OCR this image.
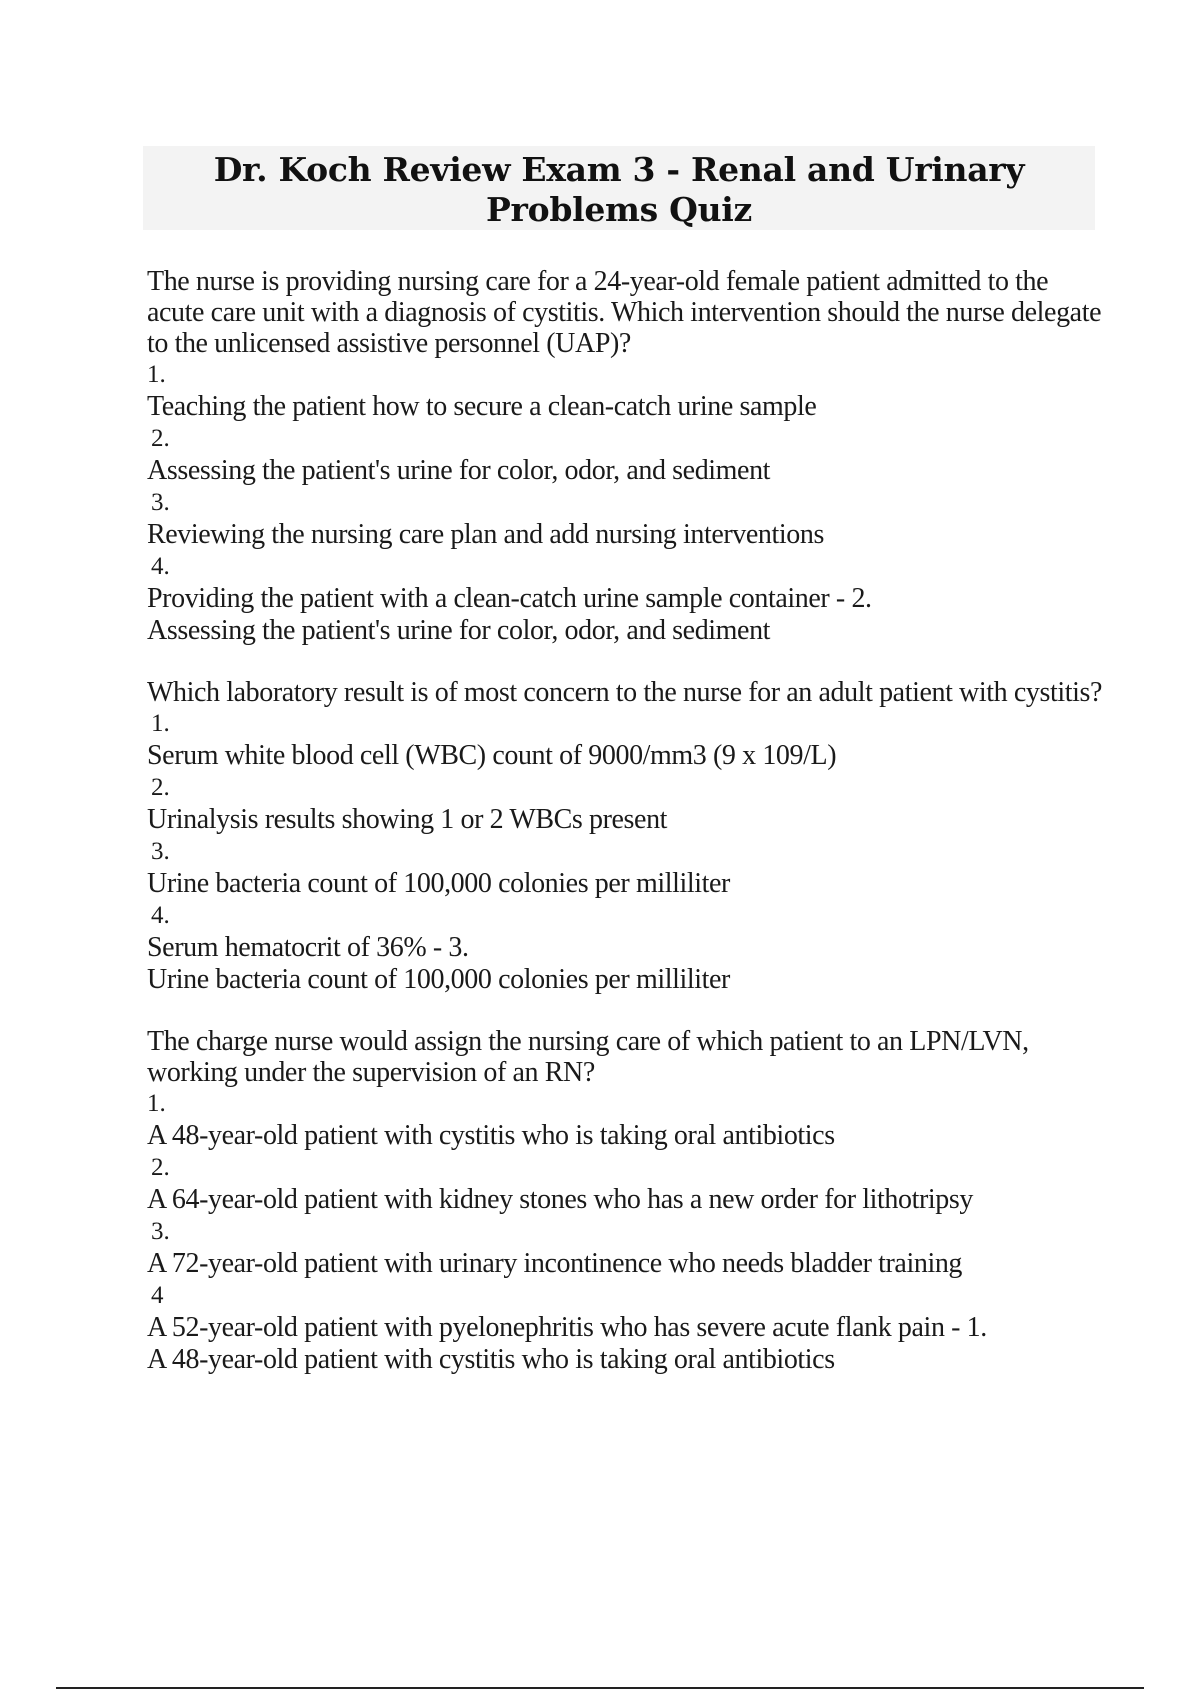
Dr. Koch Review Exam 3 - Renal and Urinary Problems Quiz

The nurse is providing nursing care for a 24-year-old female patient admitted to the acute care unit with a diagnosis of cystitis. Which intervention should the nurse delegate to the unlicensed assistive personnel (UAP)?

1.

Teaching the patient how to secure a clean-catch urine sample

2.

Assessing the patient's urine for color, odor, and sediment

3.

Reviewing the nursing care plan and add nursing interventions

4.

Providing the patient with a clean-catch urine sample container - 2.

Assessing the patient's urine for color, odor, and sediment

Which laboratory result is of most concern to the nurse for an adult patient with cystitis?

1.

Serum white blood cell (WBC) count of 9000/mm3 (9 x 109/L)

2.

Urinalysis results showing 1 or 2 WBCs present

3.

Urine bacteria count of 100,000 colonies per milliliter

4.

Serum hematocrit of 36% - 3.

Urine bacteria count of 100,000 colonies per milliliter

The charge nurse would assign the nursing care of which patient to an LPN/LVN, working under the supervision of an RN?

1.

A 48-year-old patient with cystitis who is taking oral antibiotics

2.

A 64-year-old patient with kidney stones who has a new order for lithotripsy

3.

A 72-year-old patient with urinary incontinence who needs bladder training

4

A 52-year-old patient with pyelonephritis who has severe acute flank pain - 1.

A 48-year-old patient with cystitis who is taking oral antibiotics
